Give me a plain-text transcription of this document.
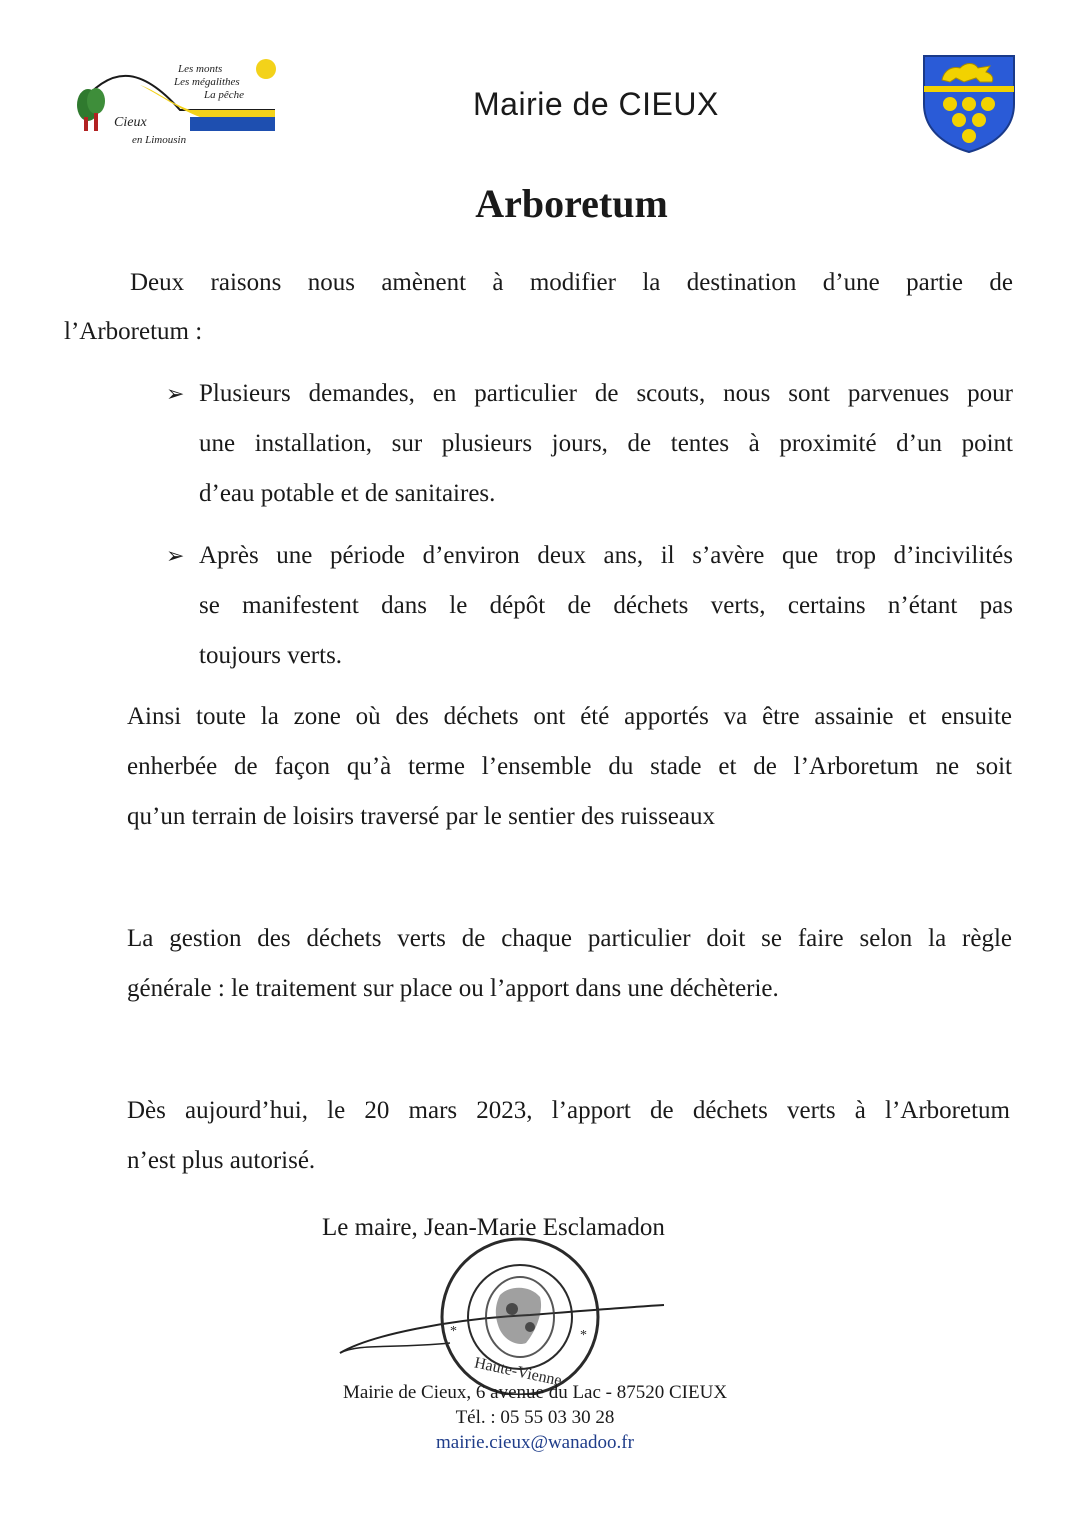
Les monts
Les mégalithes
La pêche
Cieux
en Limousin
Mairie de CIEUX
Arboretum
Deux raisons nous amènent à modifier la destination d’une partie de
l’Arboretum :
➢ Plusieurs demandes, en particulier de scouts, nous sont parvenues pour
une installation, sur plusieurs jours, de tentes à proximité d’un point
d’eau potable et de sanitaires.
➢ Après une période d’environ deux ans, il s’avère que trop d’incivilités
se manifestent dans le dépôt de déchets verts, certains n’étant pas
toujours verts.
Ainsi toute la zone où des déchets ont été apportés va être assainie et ensuite
enherbée de façon qu’à terme l’ensemble du stade et de l’Arboretum ne soit
qu’un terrain de loisirs traversé par le sentier des ruisseaux
La gestion des déchets verts de chaque particulier doit se faire selon la règle
générale : le traitement sur place ou l’apport dans une déchèterie.
Dès aujourd’hui, le 20 mars 2023, l’apport de déchets verts à l’Arboretum
n’est plus autorisé.
Le maire, Jean-Marie Esclamadon
*	*
Haute-Vienne
Mairie de Cieux, 6 avenue du Lac - 87520 CIEUX
Tél. : 05 55 03 30 28
mairie.cieux@wanadoo.fr
